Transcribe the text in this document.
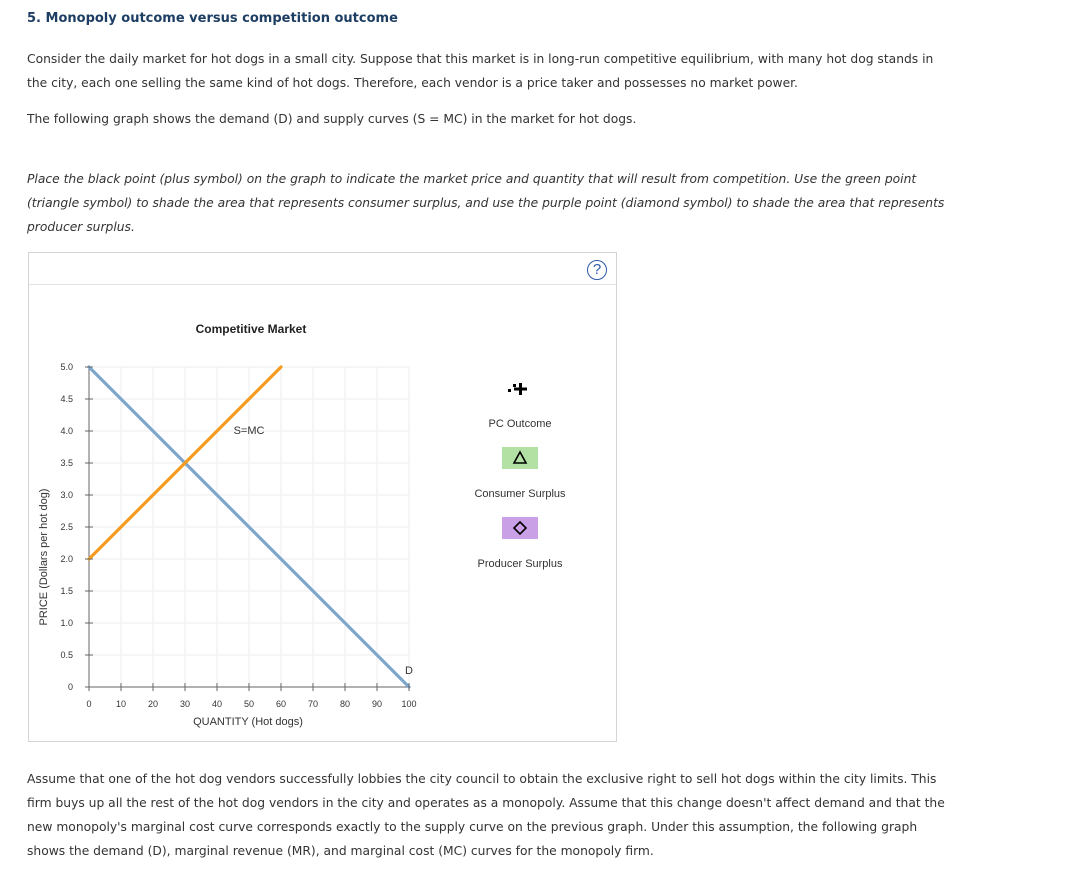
5. Monopoly outcome versus competition outcome

Consider the daily market for hot dogs in a small city. Suppose that this market is in long-run competitive equilibrium, with many hot dog stands in the city, each one selling the same kind of hot dogs. Therefore, each vendor is a price taker and possesses no market power.

The following graph shows the demand (D) and supply curves (S = MC) in the market for hot dogs.

Place the black point (plus symbol) on the graph to indicate the market price and quantity that will result from competition. Use the green point (triangle symbol) to shade the area that represents consumer surplus, and use the purple point (diamond symbol) to shade the area that represents producer surplus.

?
Competitive Market
S=MC
D
0	10 20 30 40 50 60 70 80 90 100
0
0.5
1.0
1.5
2.0
2.5
3.0
3.5
4.0
4.5
5.0
QUANTITY (Hot dogs)
PRICE (Dollars per hot dog)
PC Outcome
Consumer Surplus
Producer Surplus

Assume that one of the hot dog vendors successfully lobbies the city council to obtain the exclusive right to sell hot dogs within the city limits. This firm buys up all the rest of the hot dog vendors in the city and operates as a monopoly. Assume that this change doesn't affect demand and that the new monopoly's marginal cost curve corresponds exactly to the supply curve on the previous graph. Under this assumption, the following graph shows the demand (D), marginal revenue (MR), and marginal cost (MC) curves for the monopoly firm.
